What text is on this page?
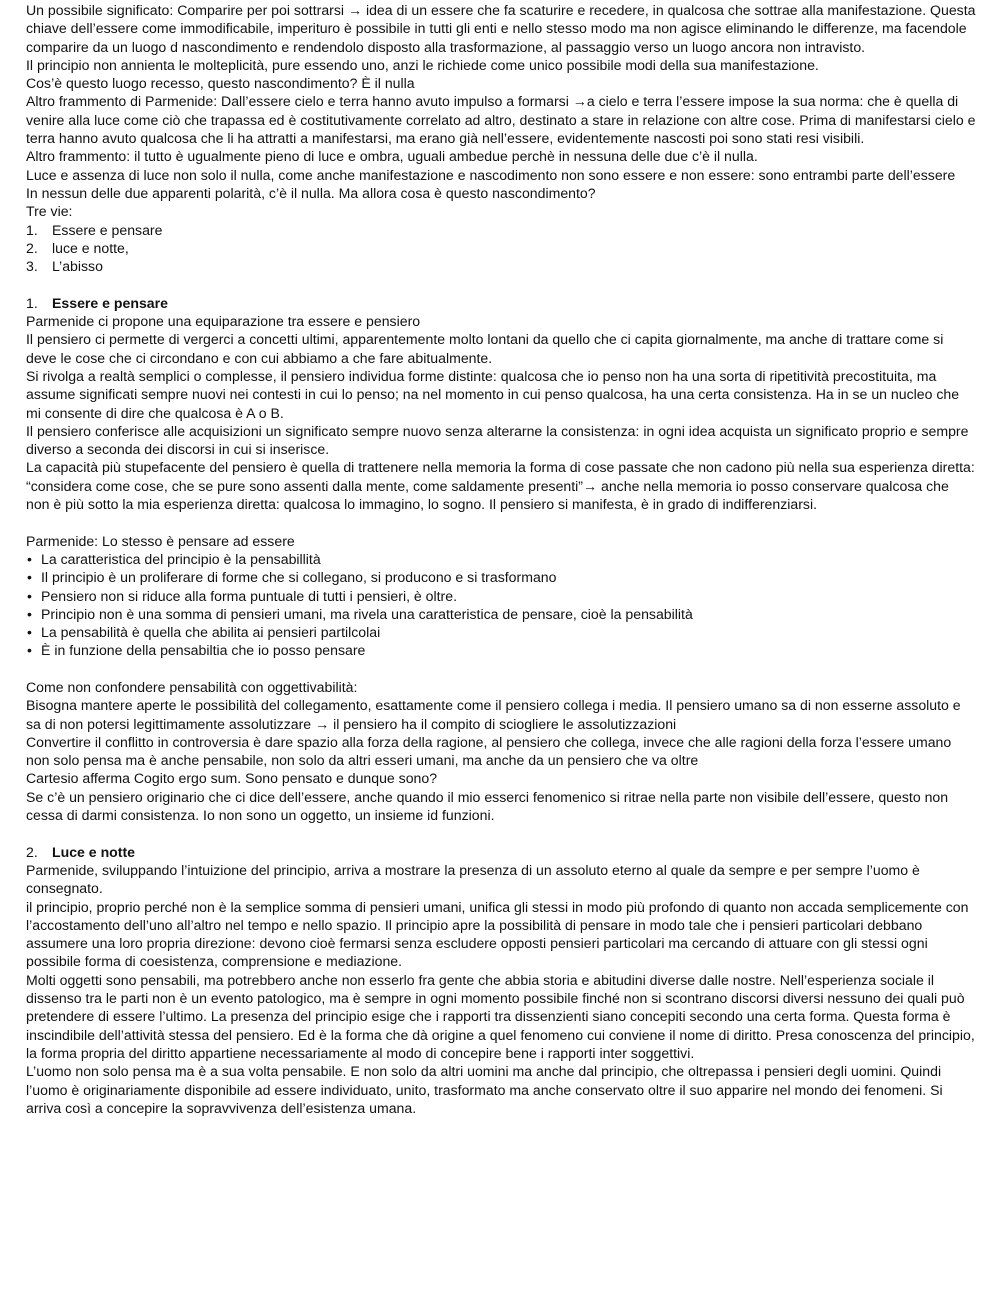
Un possibile significato: Comparire per poi sottrarsi → idea di un essere che fa scaturire e recedere, in qualcosa che sottrae alla manifestazione. Questa chiave dell’essere come immodificabile, imperituro è possibile in tutti gli enti e nello stesso modo ma non agisce eliminando le differenze, ma facendole comparire da un luogo d nascondimento e rendendolo disposto alla trasformazione, al passaggio verso un luogo ancora non intravisto.

Il principio non annienta le molteplicità, pure essendo uno, anzi le richiede come unico possibile modi della sua manifestazione.

Cos’è questo luogo recesso, questo nascondimento? È il nulla

Altro frammento di Parmenide: Dall’essere cielo e terra hanno avuto impulso a formarsi →a cielo e terra l’essere impose la sua norma: che è quella di venire alla luce come ciò che trapassa ed è costitutivamente correlato ad altro, destinato a stare in relazione con altre cose. Prima di manifestarsi cielo e terra hanno avuto qualcosa che li ha attratti a manifestarsi, ma erano già nell’essere, evidentemente nascosti poi sono stati resi visibili.

Altro frammento: il tutto è ugualmente pieno di luce e ombra, uguali ambedue perchè in nessuna delle due c’è il nulla.

Luce e assenza di luce non solo il nulla, come anche manifestazione e nascodimento non sono essere e non essere: sono entrambi parte dell’essere

In nessun delle due apparenti polarità, c’è il nulla. Ma allora cosa è questo nascondimento?

Tre vie:

1. Essere e pensare
2. luce e notte,
3. L’abisso

1. Essere e pensare

Parmenide ci propone una equiparazione tra essere e pensiero

Il pensiero ci permette di vergerci a concetti ultimi, apparentemente molto lontani da quello che ci capita giornalmente, ma anche di trattare come si deve le cose che ci circondano e con cui abbiamo a che fare abitualmente.

Si rivolga a realtà semplici o complesse, il pensiero individua forme distinte: qualcosa che io penso non ha una sorta di ripetitività precostituita, ma assume significati sempre nuovi nei contesti in cui lo penso; na nel momento in cui penso qualcosa, ha una certa consistenza. Ha in se un nucleo che mi consente di dire che qualcosa è A o B.

Il pensiero conferisce alle acquisizioni un significato sempre nuovo senza alterarne la consistenza: in ogni idea acquista un significato proprio e sempre diverso a seconda dei discorsi in cui si inserisce.

La capacità più stupefacente del pensiero è quella di trattenere nella memoria la forma di cose passate che non cadono più nella sua esperienza diretta: “considera come cose, che se pure sono assenti dalla mente, come saldamente presenti”→ anche nella memoria io posso conservare qualcosa che non è più sotto la mia esperienza diretta: qualcosa lo immagino, lo sogno. Il pensiero si manifesta, è in grado di indifferenziarsi.

Parmenide: Lo stesso è pensare ad essere

• La caratteristica del principio è la pensabillità
• Il principio è un proliferare di forme che si collegano, si producono e si trasformano
• Pensiero non si riduce alla forma puntuale di tutti i pensieri, è oltre.
• Principio non è una somma di pensieri umani, ma rivela una caratteristica de pensare, cioè la pensabilità
• La pensabilità è quella che abilita ai pensieri partilcolai
• È in funzione della pensabiltia che io posso pensare

Come non confondere pensabilità con oggettivabilità:

Bisogna mantere aperte le possibilità del collegamento, esattamente come il pensiero collega i media. Il pensiero umano sa di non esserne assoluto e sa di non potersi legittimamente assolutizzare → il pensiero ha il compito di sciogliere le assolutizzazioni

Convertire il conflitto in controversia è dare spazio alla forza della ragione, al pensiero che collega, invece che alle ragioni della forza l’essere umano non solo pensa ma è anche pensabile, non solo da altri esseri umani, ma anche da un pensiero che va oltre

Cartesio afferma Cogito ergo sum. Sono pensato e dunque sono?

Se c’è un pensiero originario che ci dice dell’essere, anche quando il mio esserci fenomenico si ritrae nella parte non visibile dell’essere, questo non cessa di darmi consistenza. Io non sono un oggetto, un insieme id funzioni.

2. Luce e notte

Parmenide, sviluppando l’intuizione del principio, arriva a mostrare la presenza di un assoluto eterno al quale da sempre e per sempre l’uomo è consegnato.

il principio, proprio perché non è la semplice somma di pensieri umani, unifica gli stessi in modo più profondo di quanto non accada semplicemente con l’accostamento dell’uno all’altro nel tempo e nello spazio. Il principio apre la possibilità di pensare in modo tale che i pensieri particolari debbano assumere una loro propria direzione: devono cioè fermarsi senza escludere opposti pensieri particolari ma cercando di attuare con gli stessi ogni possibile forma di coesistenza, comprensione e mediazione.

Molti oggetti sono pensabili, ma potrebbero anche non esserlo fra gente che abbia storia e abitudini diverse dalle nostre. Nell’esperienza sociale il dissenso tra le parti non è un evento patologico, ma è sempre in ogni momento possibile finché non si scontrano discorsi diversi nessuno dei quali può pretendere di essere l’ultimo. La presenza del principio esige che i rapporti tra dissenzienti siano concepiti secondo una certa forma. Questa forma è inscindibile dell’attività stessa del pensiero. Ed è la forma che dà origine a quel fenomeno cui conviene il nome di diritto. Presa conoscenza del principio, la forma propria del diritto appartiene necessariamente al modo di concepire bene i rapporti inter soggettivi.

L’uomo non solo pensa ma è a sua volta pensabile. E non solo da altri uomini ma anche dal principio, che oltrepassa i pensieri degli uomini. Quindi l’uomo è originariamente disponibile ad essere individuato, unito, trasformato ma anche conservato oltre il suo apparire nel mondo dei fenomeni. Si arriva così a concepire la sopravvivenza dell’esistenza umana.
